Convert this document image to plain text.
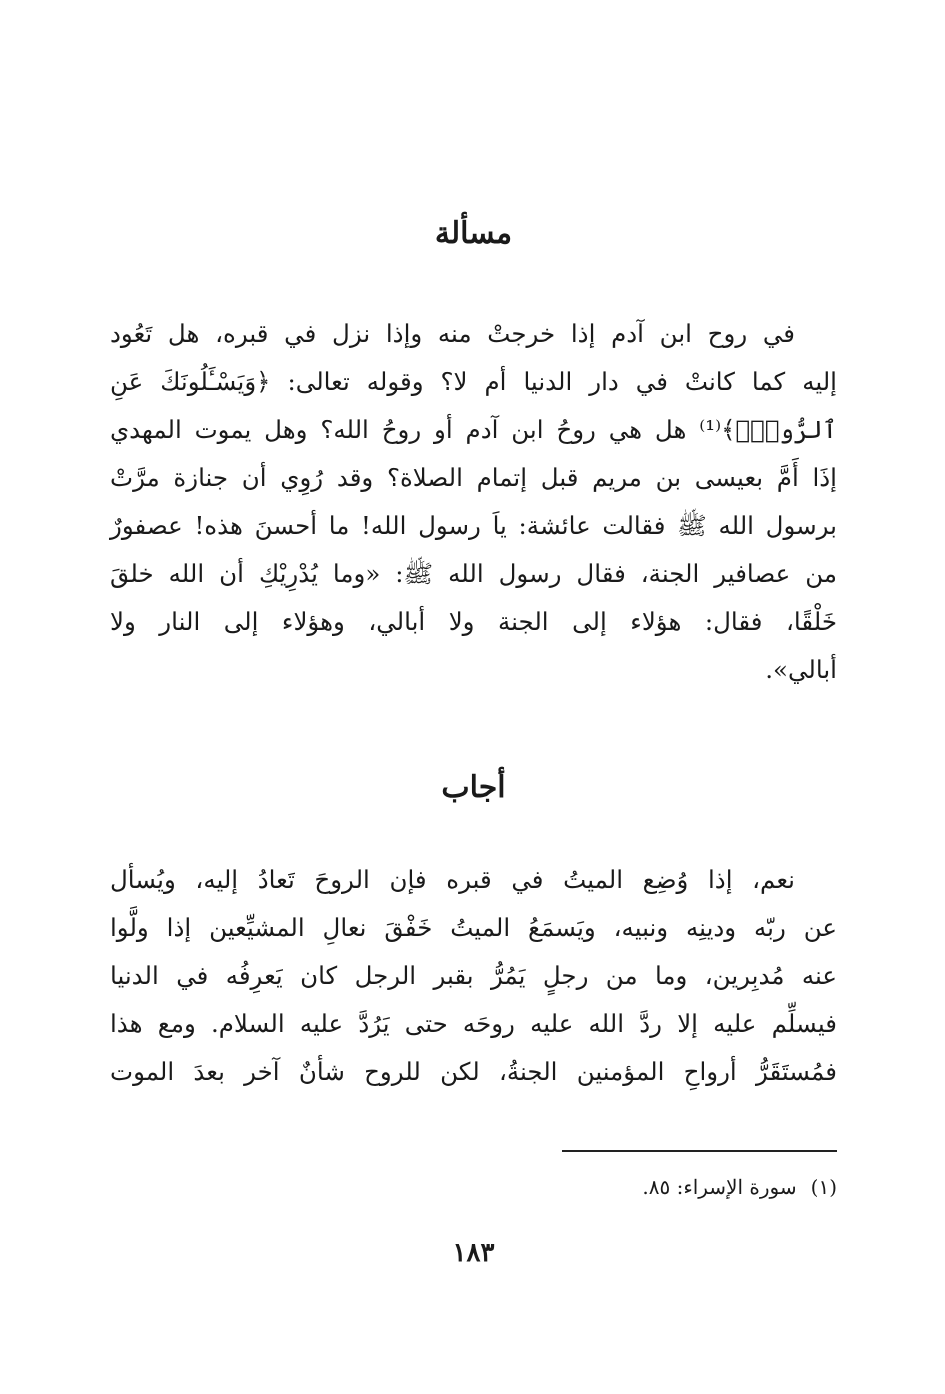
مسألة
في روح ابن آدم إذا خرجتْ منه وإذا نزل في قبره، هل تَعُود
إليه كما كانتْ في دار الدنيا أم لا؟ وقوله تعالى: ﴿وَيَسْـَٔلُونَكَ عَنِ
ٱلرُّوحِۖ﴾⁽¹⁾ هل هي روحُ ابن آدم أو روحُ الله؟ وهل يموت المهدي
إذَا أَمَّ بعيسى بن مريم قبل إتمام الصلاة؟ وقد رُوِي أن جنازة مرَّتْ
برسول الله ﷺ فقالت عائشة: ياَ رسول الله! ما أحسنَ هذه! عصفورٌ
من عصافير الجنة، فقال رسول الله ﷺ: «وما يُدْرِيْكِ أن الله خلقَ
خَلْقًا، فقال: هؤلاء إلى الجنة ولا أبالي، وهؤلاء إلى النار ولا
أبالي».
أجاب
نعم، إذا وُضِع الميتُ في قبره فإن الروحَ تَعادُ إليه، ويُسأل
عن ربّه ودينِه ونبيه، ويَسمَعُ الميتُ خَفْقَ نعالِ المشيِّعين إذا ولَّوا
عنه مُدبِرين، وما من رجلٍ يَمُرُّ بقبر الرجل كان يَعرِفُه في الدنيا
فيسلِّم عليه إلا ردَّ الله عليه روحَه حتى يَرُدَّ عليه السلام. ومع هذا
فمُستَقَرُّ أرواحِ المؤمنين الجنةُ، لكن للروح شأنٌ آخر بعدَ الموت
(١)سورة الإسراء: ٨٥.
١٨٣
